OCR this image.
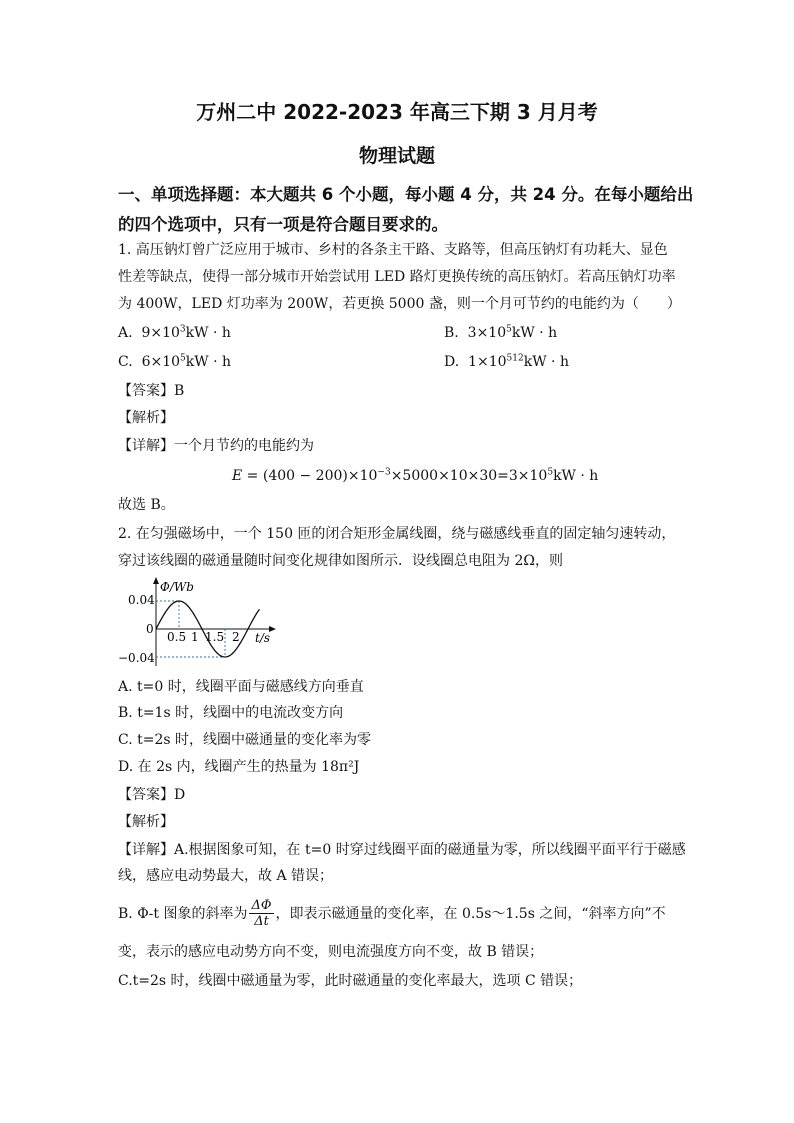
万州二中 2022-2023 年高三下期 3 月月考
物理试题
一、单项选择题：本大题共 6 个小题，每小题 4 分，共 24 分。在每小题给出
的四个选项中，只有一项是符合题目要求的。
1. 高压钠灯曾广泛应用于城市、乡村的各条主干路、支路等，但高压钠灯有功耗大、显色
性差等缺点，使得一部分城市开始尝试用 LED 路灯更换传统的高压钠灯。若高压钠灯功率
为 400W，LED 灯功率为 200W，若更换 5000 盏，则一个月可节约的电能约为（　　）
A. $9\times 10^3kW \cdot h$	B. $3\times 10^5kW \cdot h$
C. $6\times 10^5kW \cdot h$	D. $1\times 10^{512}kW \cdot h$
【答案】B
【解析】
【详解】一个月节约的电能约为
$E = (400 - 200)\times 10^{-3}\times 5000\times 10\times 30=3\times 10^5kW \cdot h$
故选 B。
2. 在匀强磁场中，一个 150 匝的闭合矩形金属线圈，绕与磁感线垂直的固定轴匀速转动，
穿过该线圈的磁通量随时间变化规律如图所示．设线圈总电阻为 2Ω，则
Φ/Wb
t/s
0.04
0
−0.04
0.5 1 1.5 2
A. t=0 时，线圈平面与磁感线方向垂直
B. t=1s 时，线圈中的电流改变方向
C. t=2s 时，线圈中磁通量的变化率为零
D. 在 2s 内，线圈产生的热量为 18π²J
【答案】D
【解析】
【详解】A.根据图象可知，在 t=0 时穿过线圈平面的磁通量为零，所以线圈平面平行于磁感
线，感应电动势最大，故 A 错误；
B. Φ-t 图象的斜率为 $\frac{\Delta\Phi}{\Delta t}$ ，即表示磁通量的变化率，在 0.5s～1.5s 之间，“斜率方向”不
变，表示的感应电动势方向不变，则电流强度方向不变，故 B 错误；
C.t=2s 时，线圈中磁通量为零，此时磁通量的变化率最大，选项 C 错误；
